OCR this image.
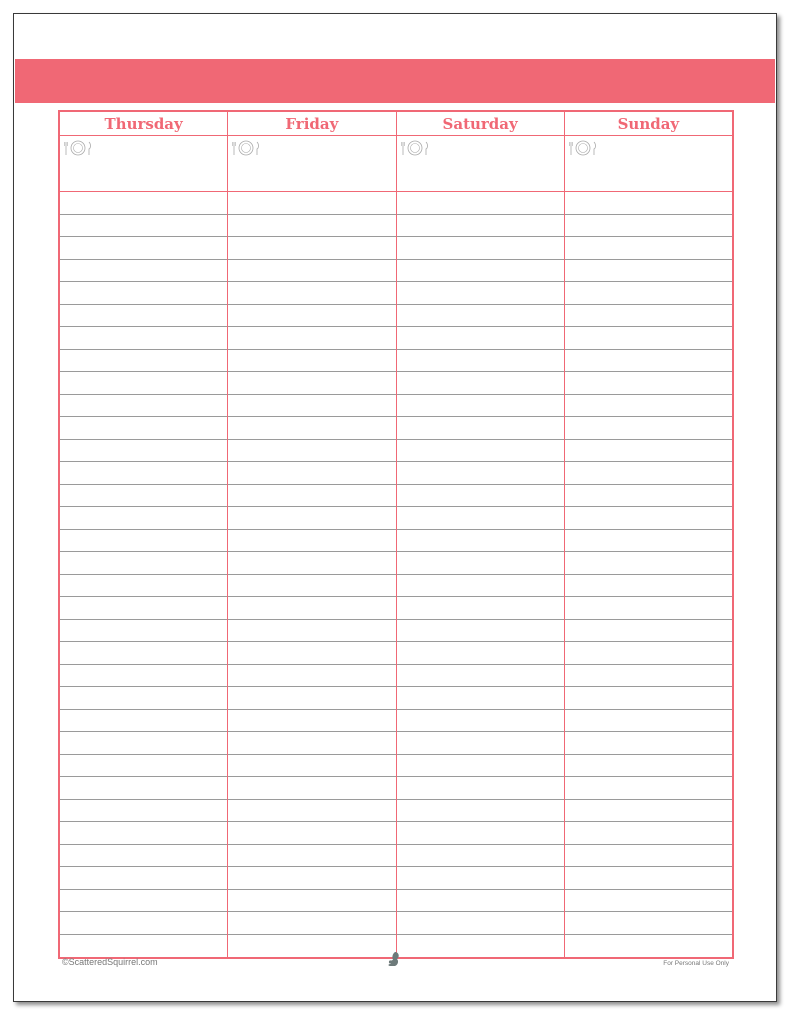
Thursday	Friday	Saturday	Sunday
©ScatteredSquirrel.com	For Personal Use Only
